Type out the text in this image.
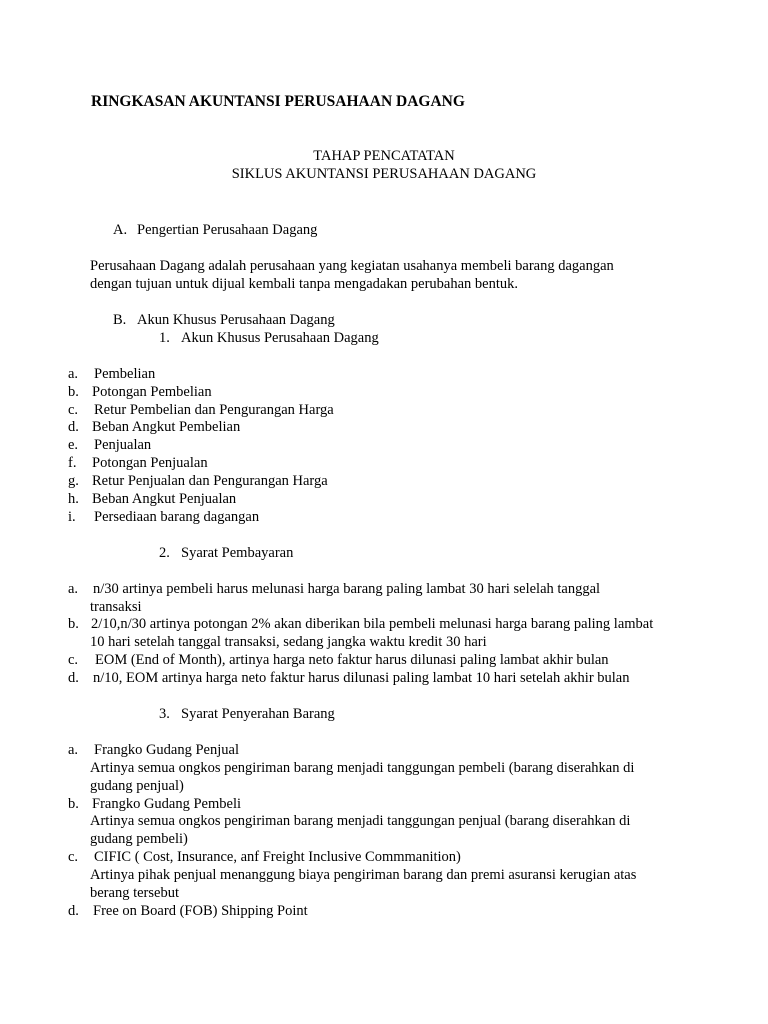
RINGKASAN AKUNTANSI PERUSAHAAN DAGANG
TAHAP PENCATATAN
SIKLUS AKUNTANSI PERUSAHAAN DAGANG
A. Pengertian Perusahaan Dagang
Perusahaan Dagang adalah perusahaan yang kegiatan usahanya membeli barang dagangan
dengan tujuan untuk dijual kembali tanpa mengadakan perubahan bentuk.
B. Akun Khusus Perusahaan Dagang
1. Akun Khusus Perusahaan Dagang
a. Pembelian
b. Potongan Pembelian
c. Retur Pembelian dan Pengurangan Harga
d. Beban Angkut Pembelian
e. Penjualan
f. Potongan Penjualan
g. Retur Penjualan dan Pengurangan Harga
h. Beban Angkut Penjualan
i. Persediaan barang dagangan
2. Syarat Pembayaran
a. n/30 artinya pembeli harus melunasi harga barang paling lambat 30 hari selelah tanggal
transaksi
b. 2/10,n/30 artinya potongan 2% akan diberikan bila pembeli melunasi harga barang paling lambat
10 hari setelah tanggal transaksi, sedang jangka waktu kredit 30 hari
c. EOM (End of Month), artinya harga neto faktur harus dilunasi paling lambat akhir bulan
d. n/10, EOM artinya harga neto faktur harus dilunasi paling lambat 10 hari setelah akhir bulan
3. Syarat Penyerahan Barang
a. Frangko Gudang Penjual
Artinya semua ongkos pengiriman barang menjadi tanggungan pembeli (barang diserahkan di
gudang penjual)
b. Frangko Gudang Pembeli
Artinya semua ongkos pengiriman barang menjadi tanggungan penjual (barang diserahkan di
gudang pembeli)
c. CIFIC ( Cost, Insurance, anf Freight Inclusive Commmanition)
Artinya pihak penjual menanggung biaya pengiriman barang dan premi asuransi kerugian atas
berang tersebut
d. Free on Board (FOB) Shipping Point
